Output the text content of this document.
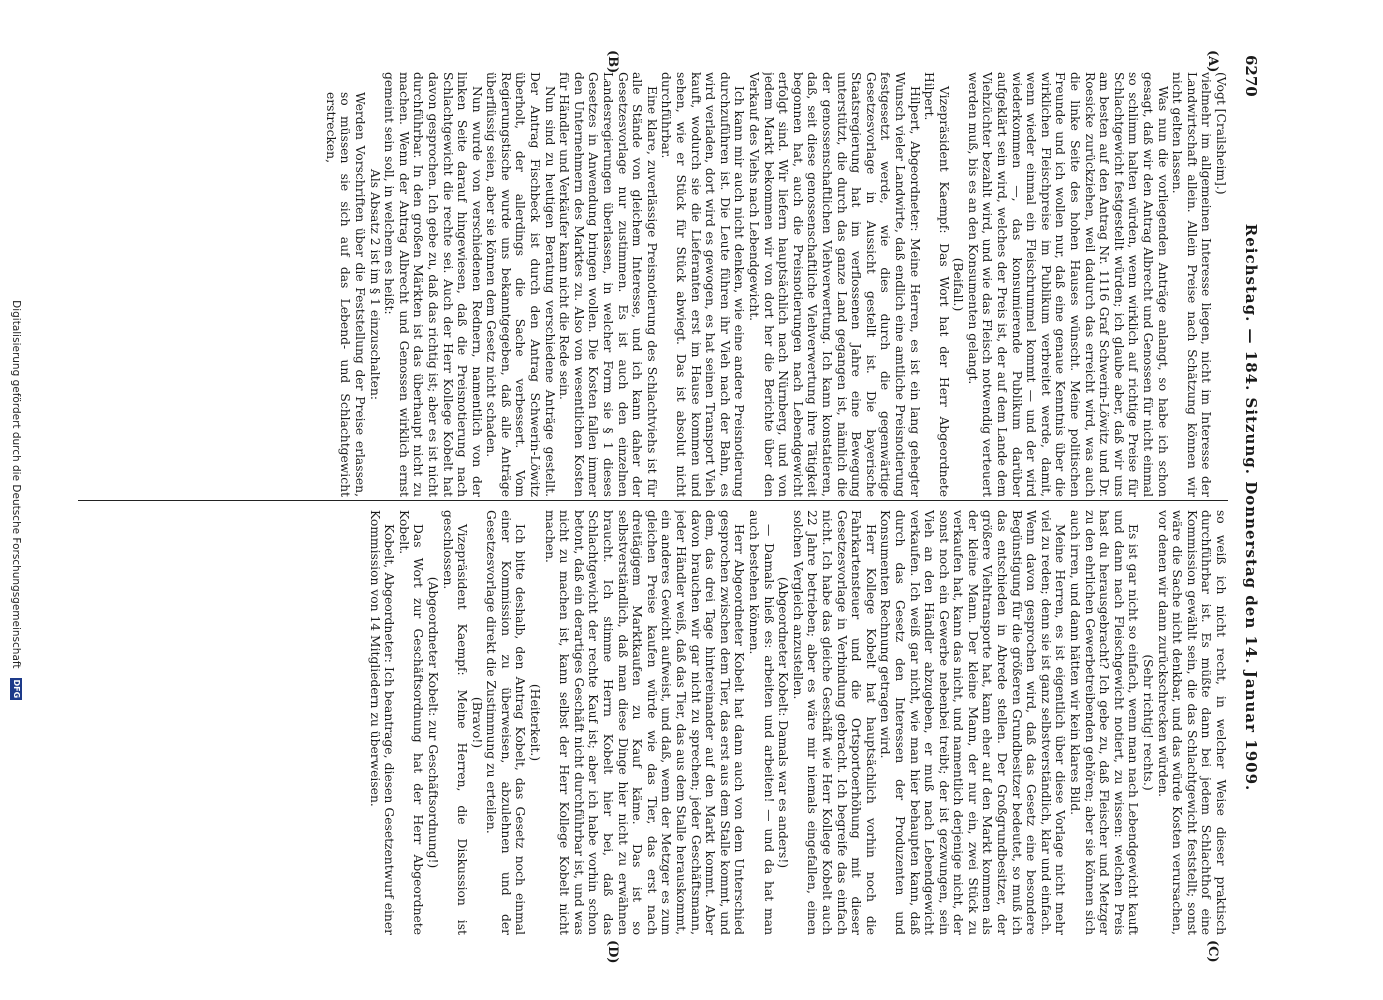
6270
Reichstag. — 184. Sitzung. Donnerstag den 14. Januar 1909.
(A)
(B)
(C)
(D)

(Vogt [Crailsheim].)

vielmehr im allgemeinen Interesse liegen, nicht im Interesse der Landwirtschaft allein. Allein Preise nach Schätzung können wir nicht gelten lassen.

Was nun die vorliegenden Anträge anlangt, so habe ich schon gesagt, daß wir den Antrag Albrecht und Genossen für nicht einmal so schlimm halten würden, wenn wirklich auf richtige Preise für Schlachtgewicht festgestellt würden; ich glaube aber, daß wir uns am besten auf den Antrag Nr. 1116 Graf Schwerin-Löwitz und Dr. Roesicke zurückziehen, weil dadurch das erreicht wird, was auch die linke Seite des hohen Hauses wünscht. Meine politischen Freunde und ich wollen nur, daß eine genaue Kenntnis über die wirklichen Fleischpreise im Publikum verbreitet werde, damit, wenn wieder einmal ein Fleischrummel kommt — und der wird wiederkommen —, das konsumierende Publikum darüber aufgeklärt sein wird, welches der Preis ist, der auf dem Lande dem Viehzüchter bezahlt wird, und wie das Fleisch notwendig verteuert werden muß, bis es an den Konsumenten gelangt.

(Beifall.)

Vizepräsident Kaempf: Das Wort hat der Herr Abgeordnete Hilpert.

Hilpert, Abgeordneter: Meine Herren, es ist ein lang gehegter Wunsch vieler Landwirte, daß endlich eine amtliche Preisnotierung festgesetzt werde, wie dies durch die gegenwärtige Gesetzesvorlage in Aussicht gestellt ist. Die bayerische Staatsregierung hat im verflossenen Jahre eine Bewegung unterstützt, die durch das ganze Land gegangen ist, nämlich die der genossenschaftlichen Viehverwertung. Ich kann konstatieren, daß, seit diese genossenschaftliche Viehverwertung ihre Tätigkeit begonnen hat, auch die Preisnotierungen nach Lebendgewicht erfolgt sind. Wir liefern hauptsächlich nach Nürnberg, und von jedem Markt bekommen wir von dort her die Berichte über den Verkauf des Viehs nach Lebendgewicht.

Ich kann mir auch nicht denken, wie eine andere Preisnotierung durchzuführen ist. Die Leute führen ihr Vieh nach der Bahn, es wird verladen, dort wird es gewogen, es hat seinen Transport Vieh kauft, wodurch sie die Lieferanten erst im Hause kommen und sehen, wie er Stück für Stück abwiegt. Das ist absolut nicht durchführbar.

Eine klare, zuverlässige Preisnotierung des Schlachtviehs ist für alle Stände von gleichem Interesse, und ich kann daher der Gesetzesvorlage nur zustimmen. Es ist auch den einzelnen Landesregierungen überlassen, in welcher Form sie § 1 dieses Gesetzes in Anwendung bringen wollen. Die Kosten fallen immer den Unternehmern des Marktes zu. Also von wesentlichen Kosten für Händler und Verkäufer kann nicht die Rede sein.

Nun sind zu heutigen Beratung verschiedene Anträge gestellt. Der Antrag Fischbeck ist durch den Antrag Schwerin-Löwitz überholt, der allerdings die Sache verbessert. Vom Regierungstische wurde uns bekanntgegeben, daß alle Anträge überflüssig seien, aber sie können dem Gesetz nicht schaden.

Nun wurde von verschiedenen Rednern, namentlich von der linken Seite darauf hingewiesen, daß die Preisnotierung nach Schlachtgewicht die rechte sei. Auch der Herr Kollege Kobelt hat davon gesprochen. Ich gebe zu, daß das richtig ist; aber es ist nicht durchführbar. In den großen Märkten ist das überhaupt nicht zu machen. Wenn der Antrag Albrecht und Genossen wirklich ernst gemeint sein soll, in welchem es heißt:

Als Absatz 2 ist im § 1 einzuschalten:

Werden Vorschriften über die Feststellung der Preise erlassen, so müssen sie sich auf das Lebend- und Schlachtgewicht erstrecken,

so weiß ich nicht recht, in welcher Weise dieser praktisch durchführbar ist. Es müßte dann bei jedem Schlachthof eine Kommission gewählt sein, die das Schlachtgewicht feststellt; sonst wäre die Sache nicht denkbar, und das würde Kosten verursachen, vor denen wir dann zurückschrecken würden.

(Sehr richtig! rechts.)

Es ist gar nicht so einfach, wenn man nach Lebendgewicht kauft und dann nach Fleischgewicht notiert, zu wissen: welchen Preis hast du herausgebracht? Ich gebe zu, daß Fleischer und Metzger zu den ehrlichen Gewerbetreibenden gehören; aber sie können sich auch irren, und dann hätten wir kein klares Bild.

Meine Herren, es ist eigentlich über diese Vorlage nicht mehr viel zu reden; denn sie ist ganz selbstverständlich, klar und einfach. Wenn davon gesprochen wird, daß das Gesetz eine besondere Begünstigung für die größeren Grundbesitzer bedeutet, so muß ich das entschieden in Abrede stellen. Der Großgrundbesitzer, der größere Viehtransporte hat, kann eher auf den Markt kommen als der kleine Mann. Der kleine Mann, der nur ein, zwei Stück zu verkaufen hat, kann das nicht, und namentlich derjenige nicht, der sonst noch ein Gewerbe nebenbei treibt; der ist gezwungen, sein Vieh an den Händler abzugeben, er muß nach Lebendgewicht verkaufen. Ich weiß gar nicht, wie man hier behaupten kann, daß durch das Gesetz den Interessen der Produzenten und Konsumenten Rechnung getragen wird.

Herr Kollege Kobelt hat hauptsächlich vorhin noch die Fahrkartensteuer und die Ortsportoerhöhung mit dieser Gesetzesvorlage in Verbindung gebracht. Ich begreife das einfach nicht. Ich habe das gleiche Geschäft wie Herr Kollege Kobelt auch 22 Jahre betrieben; aber es wäre mir niemals eingefallen, einen solchen Vergleich anzustellen.

(Abgeordneter Kobelt: Damals war es anders!)

— Damals hieß es: arbeiten und arbeiten! — und da hat man auch bestehen können.

Herr Abgeordneter Kobelt hat dann auch von dem Unterschied gesprochen zwischen dem Tier, das erst aus dem Stalle kommt, und dem, das drei Tage hintereinander auf den Markt kommt. Aber davon brauchen wir gar nicht zu sprechen; jeder Geschäftsmann, jeder Händler weiß, daß das Tier, das aus dem Stalle herauskommt, ein anderes Gewicht aufweist, und daß, wenn der Metzger es zum gleichen Preise kaufen würde wie das Tier, das erst nach dreitägigem Marktkaufen zu Kauf käme. Das ist so selbstverständlich, daß man diese Dinge hier nicht zu erwähnen braucht. Ich stimme Herrn Kobelt hier bei, daß das Schlachtgewicht der rechte Kauf ist; aber ich habe vorhin schon betont, daß ein derartiges Geschäft nicht durchführbar ist, und was nicht zu machen ist, kann selbst der Herr Kollege Kobelt nicht machen.

(Heiterkeit.)

Ich bitte deshalb, den Antrag Kobelt, das Gesetz noch einmal einer Kommission zu überweisen, abzulehnen und der Gesetzesvorlage direkt die Zustimmung zu erteilen.

(Bravo!)

Vizepräsident Kaempf: Meine Herren, die Diskussion ist geschlossen.

(Abgeordneter Kobelt: zur Geschäftsordnung!)

Das Wort zur Geschäftsordnung hat der Herr Abgeordnete Kobelt.

Kobelt, Abgeordneter: Ich beantrage, diesen Gesetzentwurf einer Kommission von 14 Mitgliedern zu überweisen.

Digitalisierung gefördert durch die Deutsche Forschungsgemeinschaft DFG
